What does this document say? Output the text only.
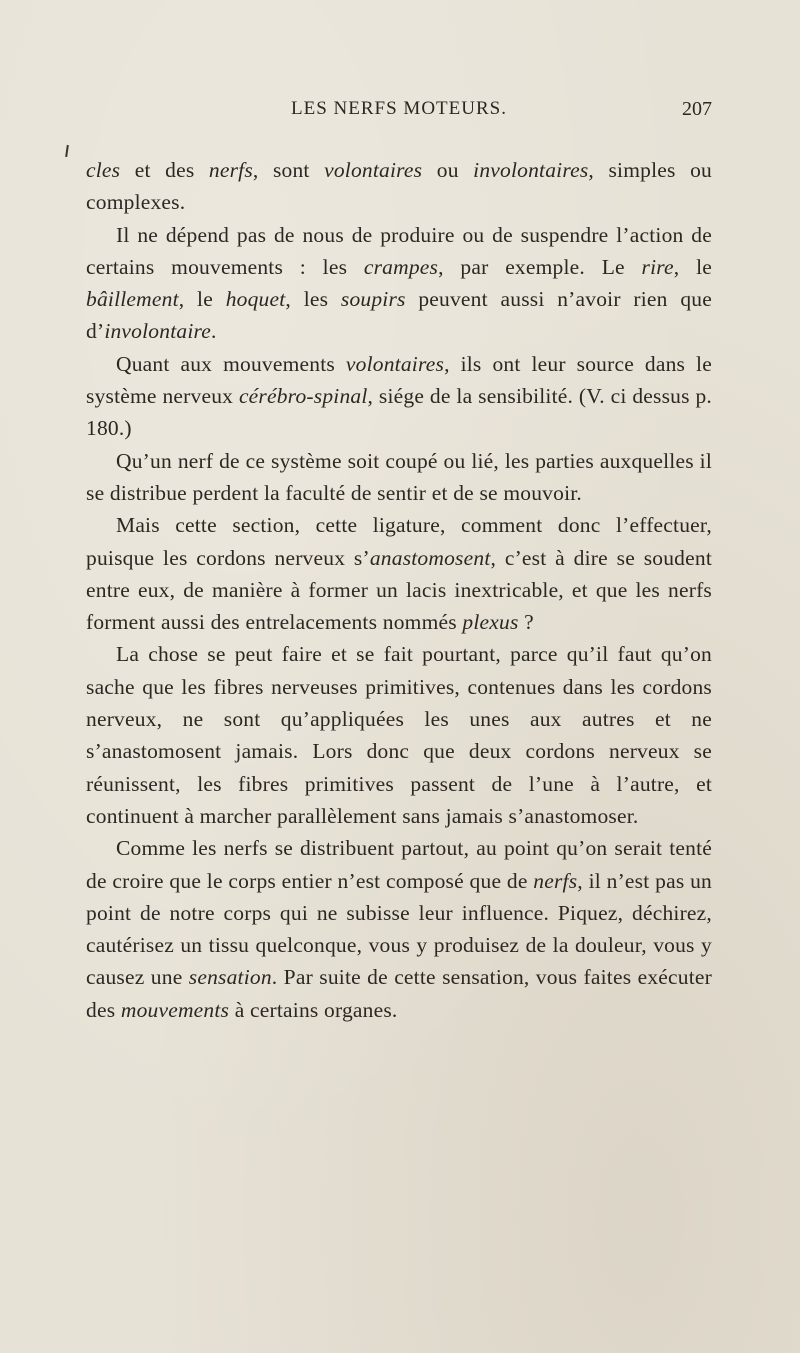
LES NERFS MOTEURS.	207

cles et des nerfs, sont volontaires ou involontaires, simples ou complexes.

Il ne dépend pas de nous de produire ou de suspendre l’action de certains mouvements : les crampes, par exemple. Le rire, le bâillement, le hoquet, les soupirs peuvent aussi n’avoir rien que d’involontaire.

Quant aux mouvements volontaires, ils ont leur source dans le système nerveux cérébro-spinal, siége de la sensibilité. (V. ci dessus p. 180.)

Qu’un nerf de ce système soit coupé ou lié, les parties auxquelles il se distribue perdent la faculté de sentir et de se mouvoir.

Mais cette section, cette ligature, comment donc l’effectuer, puisque les cordons nerveux s’anastomosent, c’est à dire se soudent entre eux, de manière à former un lacis inextricable, et que les nerfs forment aussi des entrelacements nommés plexus ?

La chose se peut faire et se fait pourtant, parce qu’il faut qu’on sache que les fibres nerveuses primitives, contenues dans les cordons nerveux, ne sont qu’appliquées les unes aux autres et ne s’anastomosent jamais. Lors donc que deux cordons nerveux se réunissent, les fibres primitives passent de l’une à l’autre, et continuent à marcher parallèlement sans jamais s’anastomoser.

Comme les nerfs se distribuent partout, au point qu’on serait tenté de croire que le corps entier n’est composé que de nerfs, il n’est pas un point de notre corps qui ne subisse leur influence. Piquez, déchirez, cautérisez un tissu quelconque, vous y produisez de la douleur, vous y causez une sensation. Par suite de cette sensation, vous faites exécuter des mouvements à certains organes.
